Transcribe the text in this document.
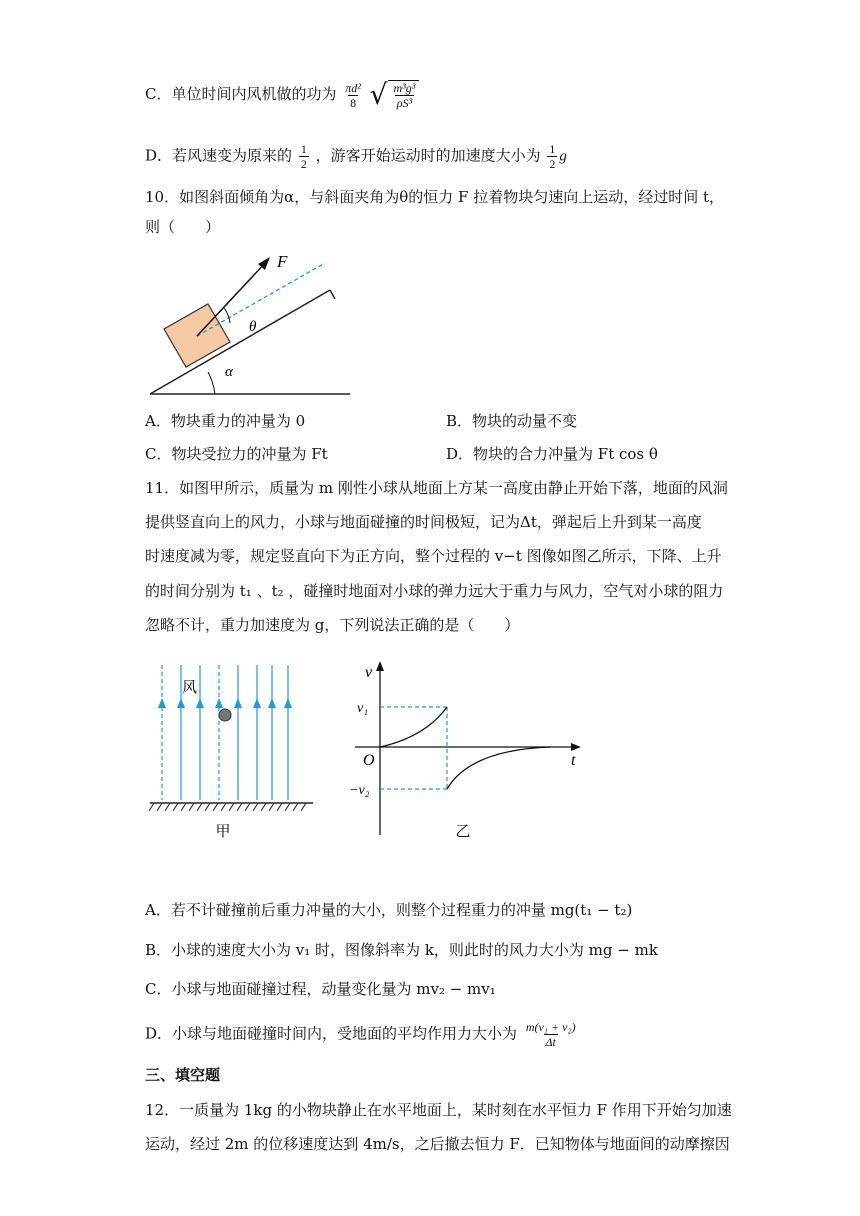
C．单位时间内风机做的功为 $\frac{\text{πd²}}{8}$
√ $\frac{\text{m³g³}}{\text{ρS³}}$
D．若风速变为原来的 $\frac{1}{2}$ ，游客开始运动时的加速度大小为 $\frac{1}{2}$ g
10．如图斜面倾角为α，与斜面夹角为θ的恒力 F 拉着物块匀速向上运动，经过时间 t，
则（　　）
F
θ
α
A．物块重力的冲量为 0	B．物块的动量不变
C．物块受拉力的冲量为 Ft	D．物块的合力冲量为 Ft cos θ
11．如图甲所示，质量为 m 刚性小球从地面上方某一高度由静止开始下落，地面的风洞
提供竖直向上的风力，小球与地面碰撞的时间极短，记为Δt，弹起后上升到某一高度
时速度减为零，规定竖直向下为正方向，整个过程的 v−t 图像如图乙所示，下降、上升
的时间分别为 t₁ 、t₂ ，碰撞时地面对小球的弹力远大于重力与风力，空气对小球的阻力
忽略不计，重力加速度为 g，下列说法正确的是（　　）
风
甲
v
t
O
v₁
−v₂
乙
A．若不计碰撞前后重力冲量的大小，则整个过程重力的冲量 mg(t₁ − t₂)
B．小球的速度大小为 v₁ 时，图像斜率为 k，则此时的风力大小为 mg − mk
C．小球与地面碰撞过程，动量变化量为 mv₂ − mv₁
D．小球与地面碰撞时间内，受地面的平均作用力大小为 $\frac{\text{m(v₁ + v₂)}}{\Delta t}$
三、填空题
12．一质量为 1kg 的小物块静止在水平地面上，某时刻在水平恒力 F 作用下开始匀加速
运动，经过 2m 的位移速度达到 4m/s，之后撤去恒力 F．已知物体与地面间的动摩擦因
